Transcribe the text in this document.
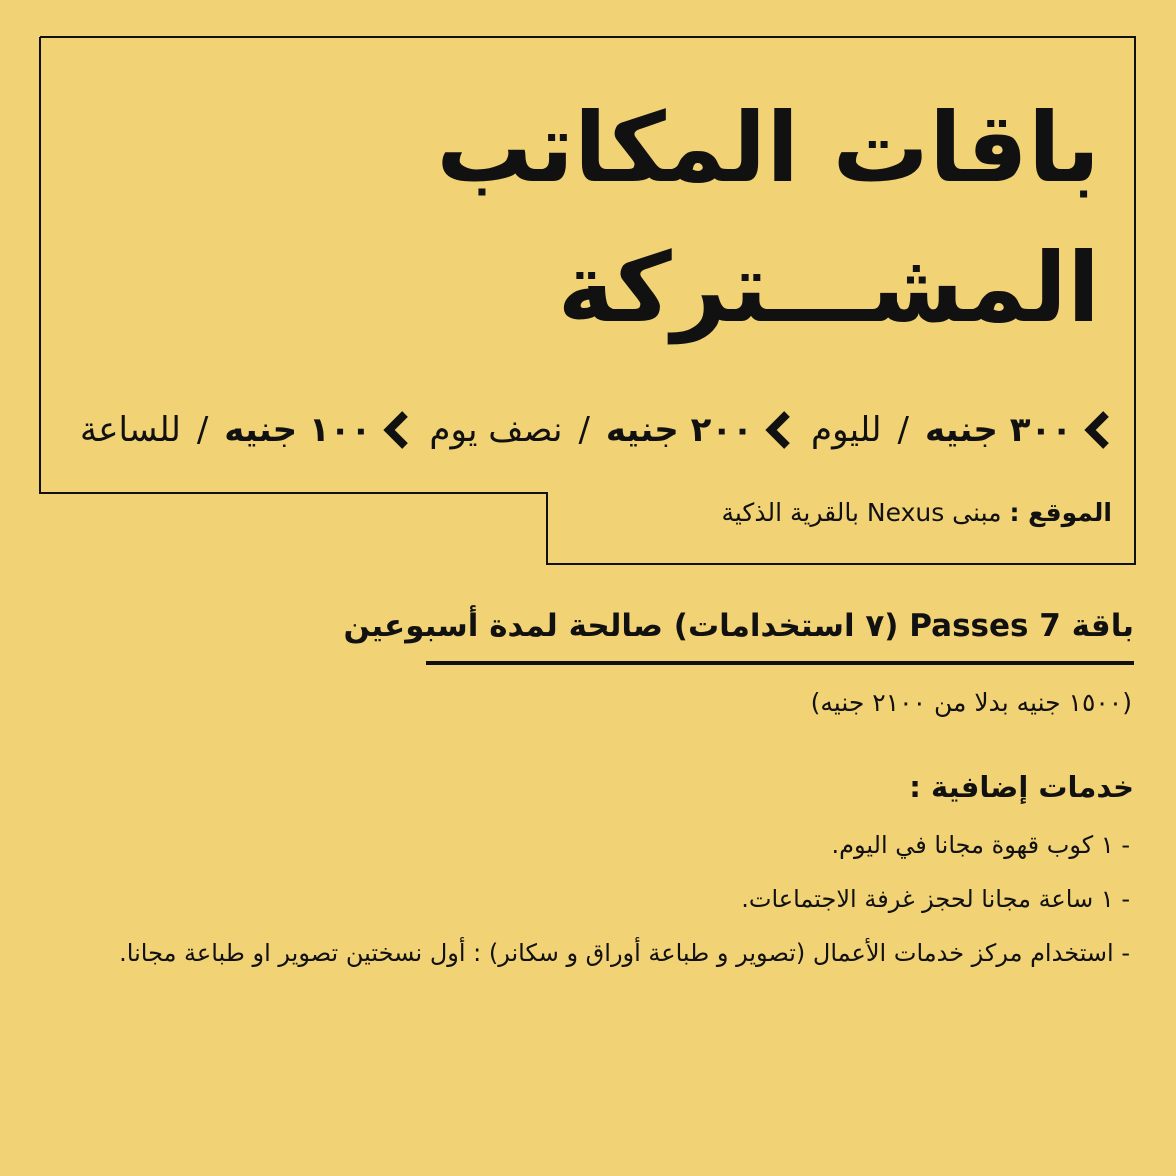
باقات المكاتب
المشـــتركة
٣٠٠ جنيه
/
لليوم
٢٠٠ جنيه
/
نصف يوم
١٠٠ جنيه
/
للساعة
الموقع : مبنى Nexus بالقرية الذكية
باقة 7 Passes (٧ استخدامات) صالحة لمدة أسبوعين
(١٥٠٠ جنيه بدلا من ٢١٠٠ جنيه)
خدمات إضافية :
- ١ كوب قهوة مجانا في اليوم.
- ١ ساعة مجانا لحجز غرفة الاجتماعات.
- استخدام مركز خدمات الأعمال (تصوير و طباعة أوراق و سكانر) : أول نسختين تصوير او طباعة مجانا.
